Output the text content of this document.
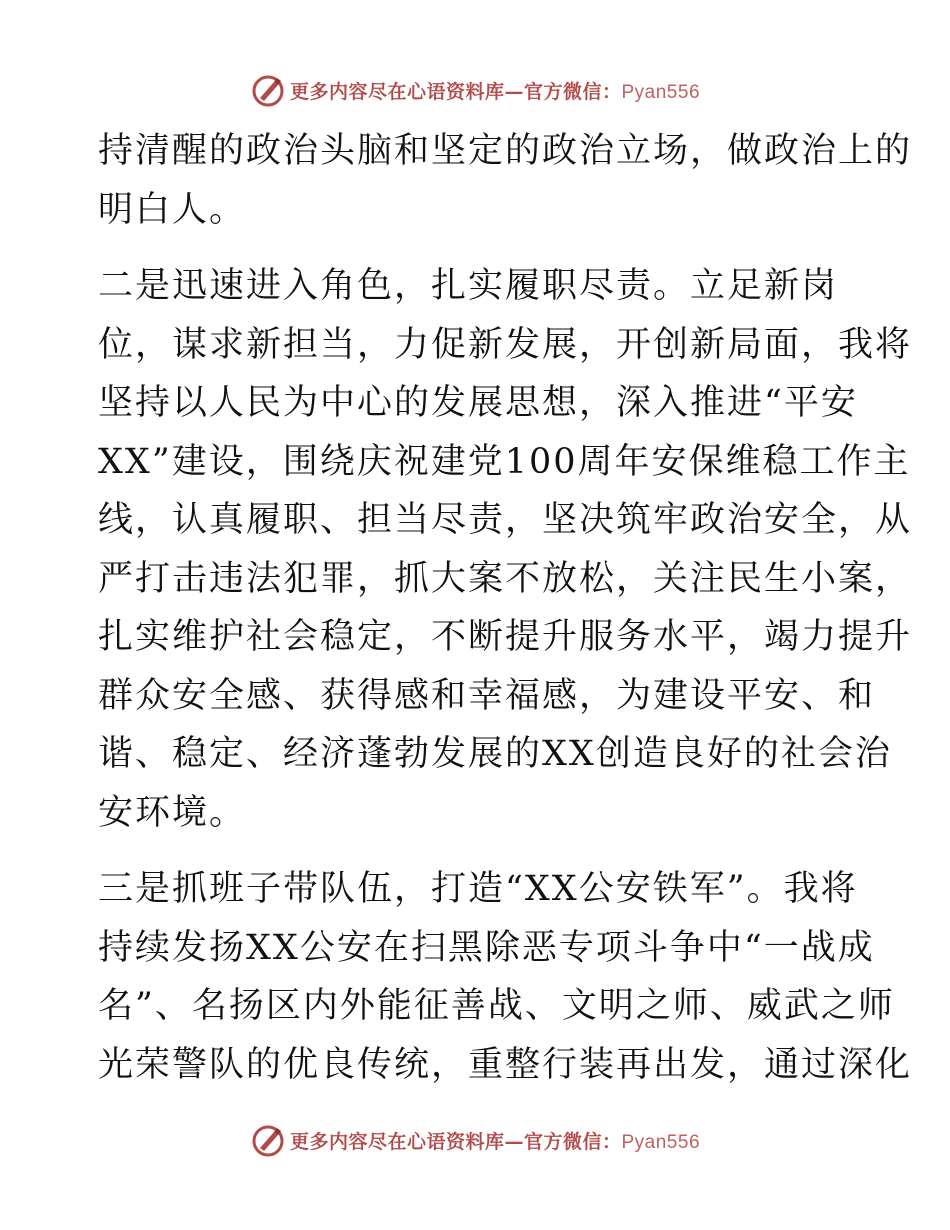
更多内容尽在心语资料库—官方微信：Pyan556
持清醒的政治头脑和坚定的政治立场，做政治上的
明白人。
二是迅速进入角色，扎实履职尽责。立足新岗
位，谋求新担当，力促新发展，开创新局面，我将
坚持以人民为中心的发展思想，深入推进“平安
XX”建设，围绕庆祝建党100周年安保维稳工作主
线，认真履职、担当尽责，坚决筑牢政治安全，从
严打击违法犯罪，抓大案不放松，关注民生小案，
扎实维护社会稳定，不断提升服务水平，竭力提升
群众安全感、获得感和幸福感，为建设平安、和
谐、稳定、经济蓬勃发展的XX创造良好的社会治
安环境。
三是抓班子带队伍，打造“XX公安铁军”。我将
持续发扬XX公安在扫黑除恶专项斗争中“一战成
名”、名扬区内外能征善战、文明之师、威武之师
光荣警队的优良传统，重整行装再出发，通过深化
更多内容尽在心语资料库—官方微信：Pyan556
